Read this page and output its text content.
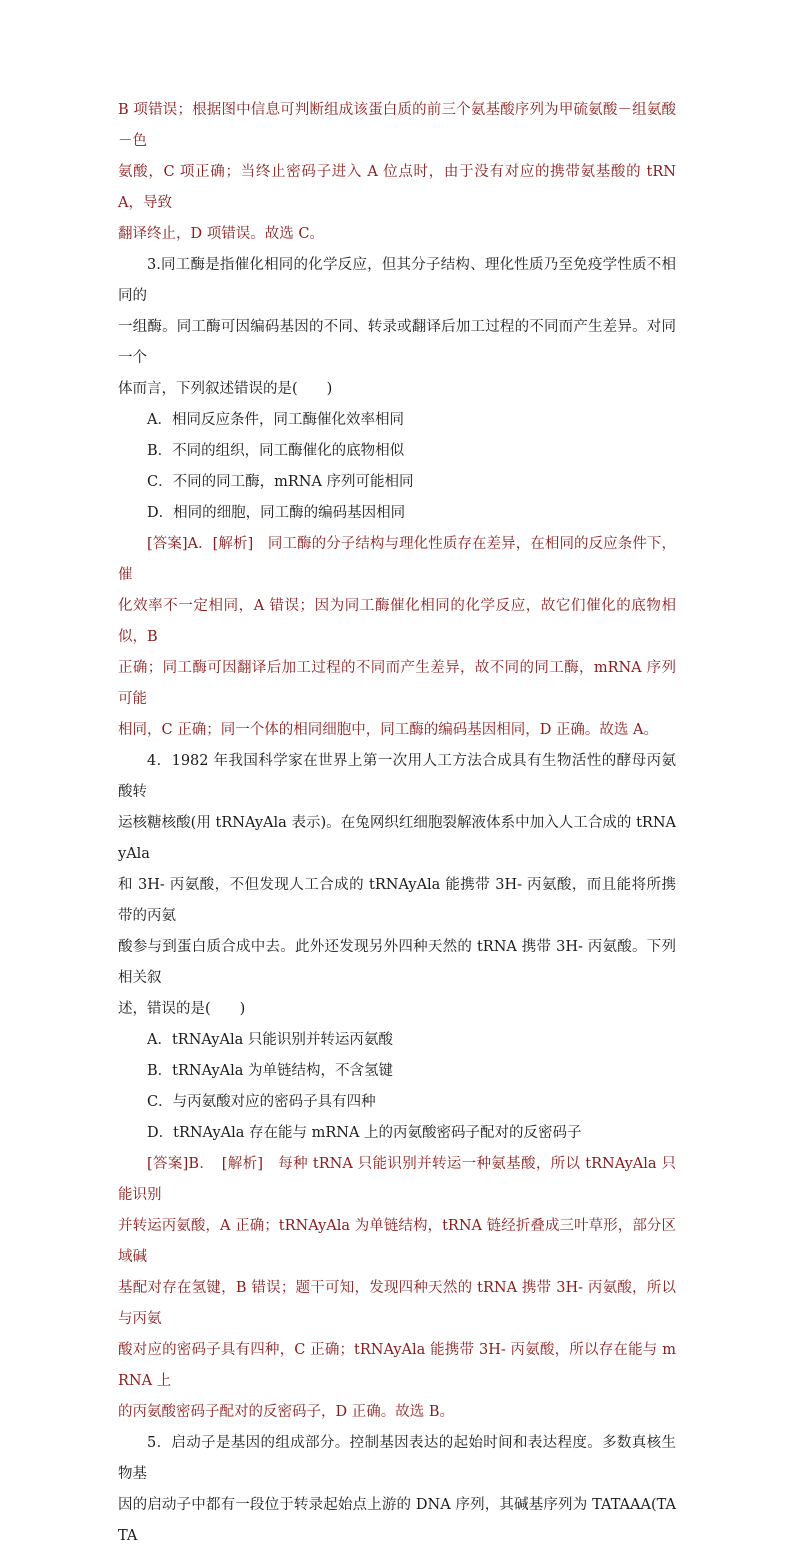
B 项错误；根据图中信息可判断组成该蛋白质的前三个氨基酸序列为甲硫氨酸－组氨酸－色

氨酸，C 项正确；当终止密码子进入 A 位点时，由于没有对应的携带氨基酸的 tRNA，导致

翻译终止，D 项错误。故选 C。

3.同工酶是指催化相同的化学反应，但其分子结构、理化性质乃至免疫学性质不相同的

一组酶。同工酶可因编码基因的不同、转录或翻译后加工过程的不同而产生差异。对同一个

体而言，下列叙述错误的是(　　)

A．相同反应条件，同工酶催化效率相同

B．不同的组织，同工酶催化的底物相似

C．不同的同工酶，mRNA 序列可能相同

D．相同的细胞，同工酶的编码基因相同

[答案]A．[解析]　同工酶的分子结构与理化性质存在差异，在相同的反应条件下，催

化效率不一定相同，A 错误；因为同工酶催化相同的化学反应，故它们催化的底物相似，B

正确；同工酶可因翻译后加工过程的不同而产生差异，故不同的同工酶，mRNA 序列可能

相同，C 正确；同一个体的相同细胞中，同工酶的编码基因相同，D 正确。故选 A。

4．1982 年我国科学家在世界上第一次用人工方法合成具有生物活性的酵母丙氨酸转

运核糖核酸(用 tRNAyAla 表示)。在兔网织红细胞裂解液体系中加入人工合成的 tRNAyAla

和 3H- 丙氨酸，不但发现人工合成的 tRNAyAla 能携带 3H- 丙氨酸，而且能将所携带的丙氨

酸参与到蛋白质合成中去。此外还发现另外四种天然的 tRNA 携带 3H- 丙氨酸。下列相关叙

述，错误的是(　　)

A．tRNAyAla 只能识别并转运丙氨酸

B．tRNAyAla 为单链结构，不含氢键

C．与丙氨酸对应的密码子具有四种

D．tRNAyAla 存在能与 mRNA 上的丙氨酸密码子配对的反密码子

[答案]B．　[解析]　每种 tRNA 只能识别并转运一种氨基酸，所以 tRNAyAla 只能识别

并转运丙氨酸，A 正确；tRNAyAla 为单链结构，tRNA 链经折叠成三叶草形，部分区域碱

基配对存在氢键，B 错误；题干可知，发现四种天然的 tRNA 携带 3H- 丙氨酸，所以与丙氨

酸对应的密码子具有四种，C 正确；tRNAyAla 能携带 3H- 丙氨酸，所以存在能与 mRNA 上

的丙氨酸密码子配对的反密码子，D 正确。故选 B。

5．启动子是基因的组成部分。控制基因表达的起始时间和表达程度。多数真核生物基

因的启动子中都有一段位于转录起始点上游的 DNA 序列，其碱基序列为 TATAAA(TATA
